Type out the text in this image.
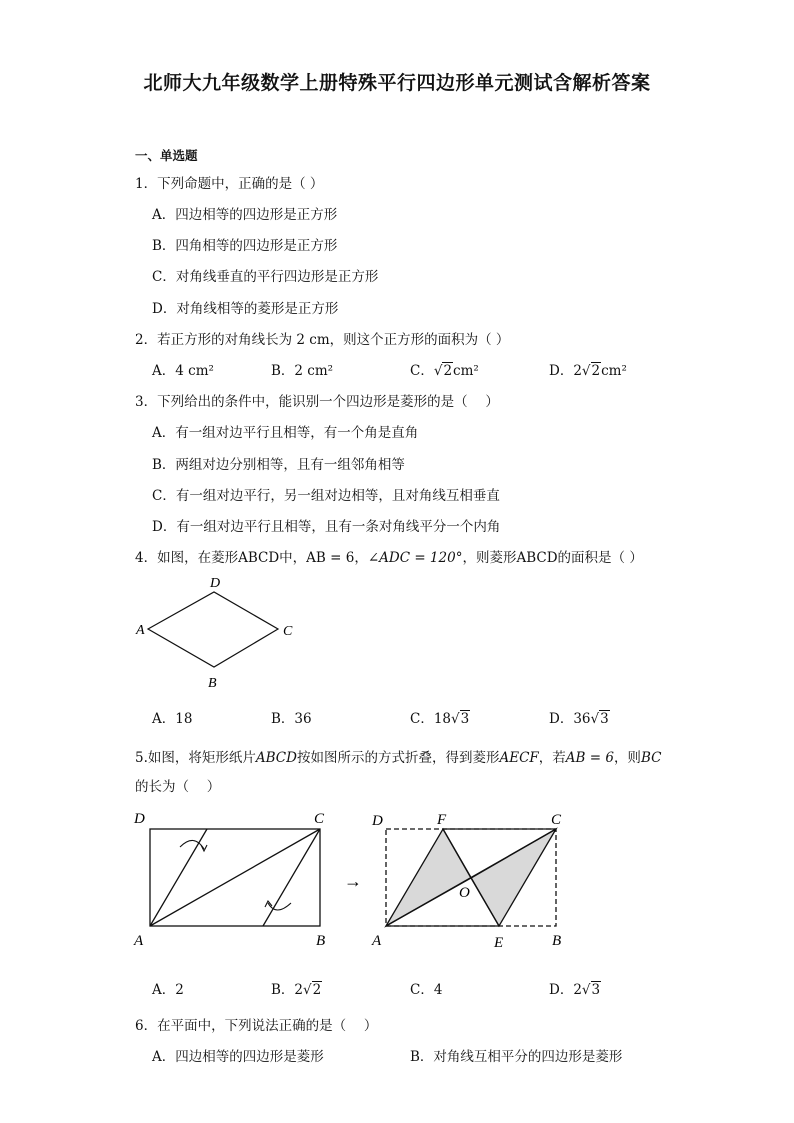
北师大九年级数学上册特殊平行四边形单元测试含解析答案
一、单选题
1．下列命题中，正确的是（ ）
A．四边相等的四边形是正方形
B．四角相等的四边形是正方形
C．对角线垂直的平行四边形是正方形
D．对角线相等的菱形是正方形
2．若正方形的对角线长为 2 cm，则这个正方形的面积为（ ）
A．4 cm²	B．2 cm²	C．√2cm²	D．2√2cm²
3．下列给出的条件中，能识别一个四边形是菱形的是（　 ）
A．有一组对边平行且相等，有一个角是直角
B．两组对边分别相等，且有一组邻角相等
C．有一组对边平行，另一组对边相等，且对角线互相垂直
D．有一组对边平行且相等，且有一条对角线平分一个内角
4．如图，在菱形ABCD中，AB = 6，∠ADC = 120°，则菱形ABCD的面积是（ ）
D
A	C
B
A．18	B．36	C．18√3	D．36√3
5.如图，将矩形纸片ABCD按如图所示的方式折叠，得到菱形AECF，若AB = 6，则BC
的长为（　 ）
D	C
A	B
→
D	F	C
O
A	E	B
A．2	B．2√2	C．4	D．2√3
6．在平面中，下列说法正确的是（　 ）
A．四边相等的四边形是菱形	B．对角线互相平分的四边形是菱形
